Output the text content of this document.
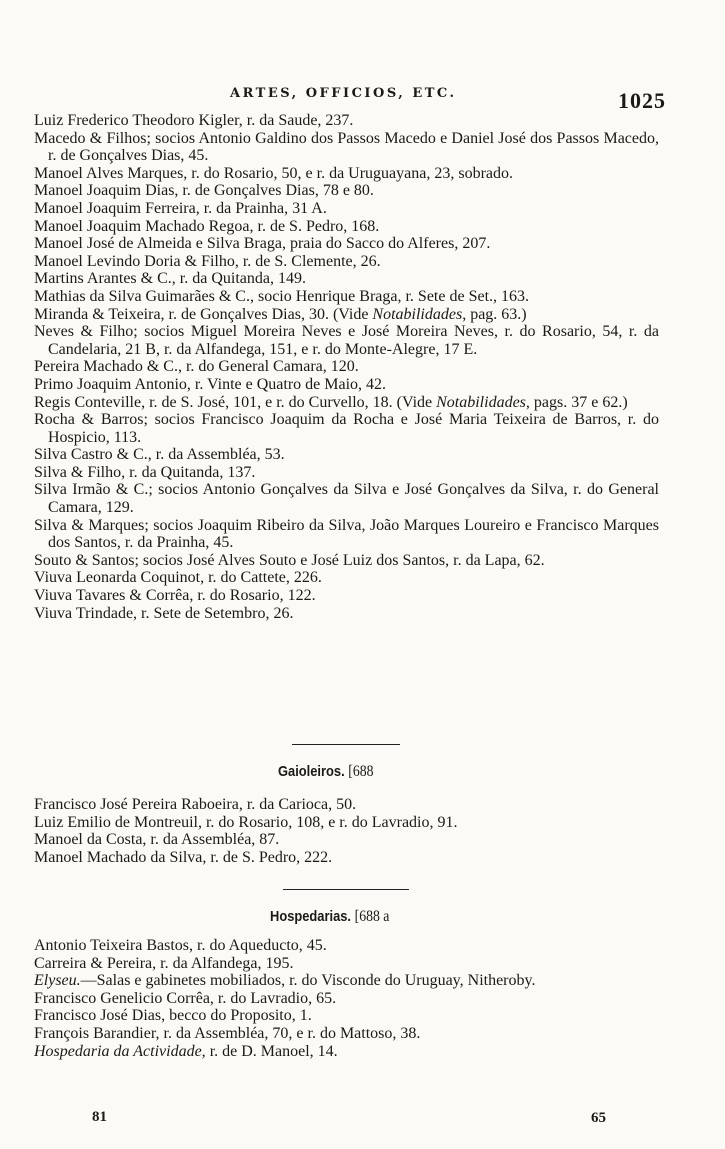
ARTES, OFFICIOS, ETC.	1025

Luiz Frederico Theodoro Kigler, r. da Saude, 237.

Macedo & Filhos; socios Antonio Galdino dos Passos Macedo e Daniel José dos Passos Macedo, r. de Gonçalves Dias, 45.

Manoel Alves Marques, r. do Rosario, 50, e r. da Uruguayana, 23, sobrado.

Manoel Joaquim Dias, r. de Gonçalves Dias, 78 e 80.

Manoel Joaquim Ferreira, r. da Prainha, 31 A.

Manoel Joaquim Machado Regoa, r. de S. Pedro, 168.

Manoel José de Almeida e Silva Braga, praia do Sacco do Alferes, 207.

Manoel Levindo Doria & Filho, r. de S. Clemente, 26.

Martins Arantes & C., r. da Quitanda, 149.

Mathias da Silva Guimarães & C., socio Henrique Braga, r. Sete de Set., 163.

Miranda & Teixeira, r. de Gonçalves Dias, 30. (Vide Notabilidades, pag. 63.)

Neves & Filho; socios Miguel Moreira Neves e José Moreira Neves, r. do Rosario, 54, r. da Candelaria, 21 B, r. da Alfandega, 151, e r. do Monte-Alegre, 17 E.

Pereira Machado & C., r. do General Camara, 120.

Primo Joaquim Antonio, r. Vinte e Quatro de Maio, 42.

Regis Conteville, r. de S. José, 101, e r. do Curvello, 18. (Vide Notabilidades, pags. 37 e 62.)

Rocha & Barros; socios Francisco Joaquim da Rocha e José Maria Teixeira de Barros, r. do Hospicio, 113.

Silva Castro & C., r. da Assembléa, 53.

Silva & Filho, r. da Quitanda, 137.

Silva Irmão & C.; socios Antonio Gonçalves da Silva e José Gonçalves da Silva, r. do General Camara, 129.

Silva & Marques; socios Joaquim Ribeiro da Silva, João Marques Loureiro e Francisco Marques dos Santos, r. da Prainha, 45.

Souto & Santos; socios José Alves Souto e José Luiz dos Santos, r. da Lapa, 62.

Viuva Leonarda Coquinot, r. do Cattete, 226.

Viuva Tavares & Corrêa, r. do Rosario, 122.

Viuva Trindade, r. Sete de Setembro, 26.

Gaioleiros. [688

Francisco José Pereira Raboeira, r. da Carioca, 50.

Luiz Emilio de Montreuil, r. do Rosario, 108, e r. do Lavradio, 91.

Manoel da Costa, r. da Assembléa, 87.

Manoel Machado da Silva, r. de S. Pedro, 222.

Hospedarias. [688 a

Antonio Teixeira Bastos, r. do Aqueducto, 45.

Carreira & Pereira, r. da Alfandega, 195.

Elyseu.—Salas e gabinetes mobiliados, r. do Visconde do Uruguay, Nitheroby.

Francisco Genelicio Corrêa, r. do Lavradio, 65.

Francisco José Dias, becco do Proposito, 1.

François Barandier, r. da Assembléa, 70, e r. do Mattoso, 38.

Hospedaria da Actividade, r. de D. Manoel, 14.

81	65
